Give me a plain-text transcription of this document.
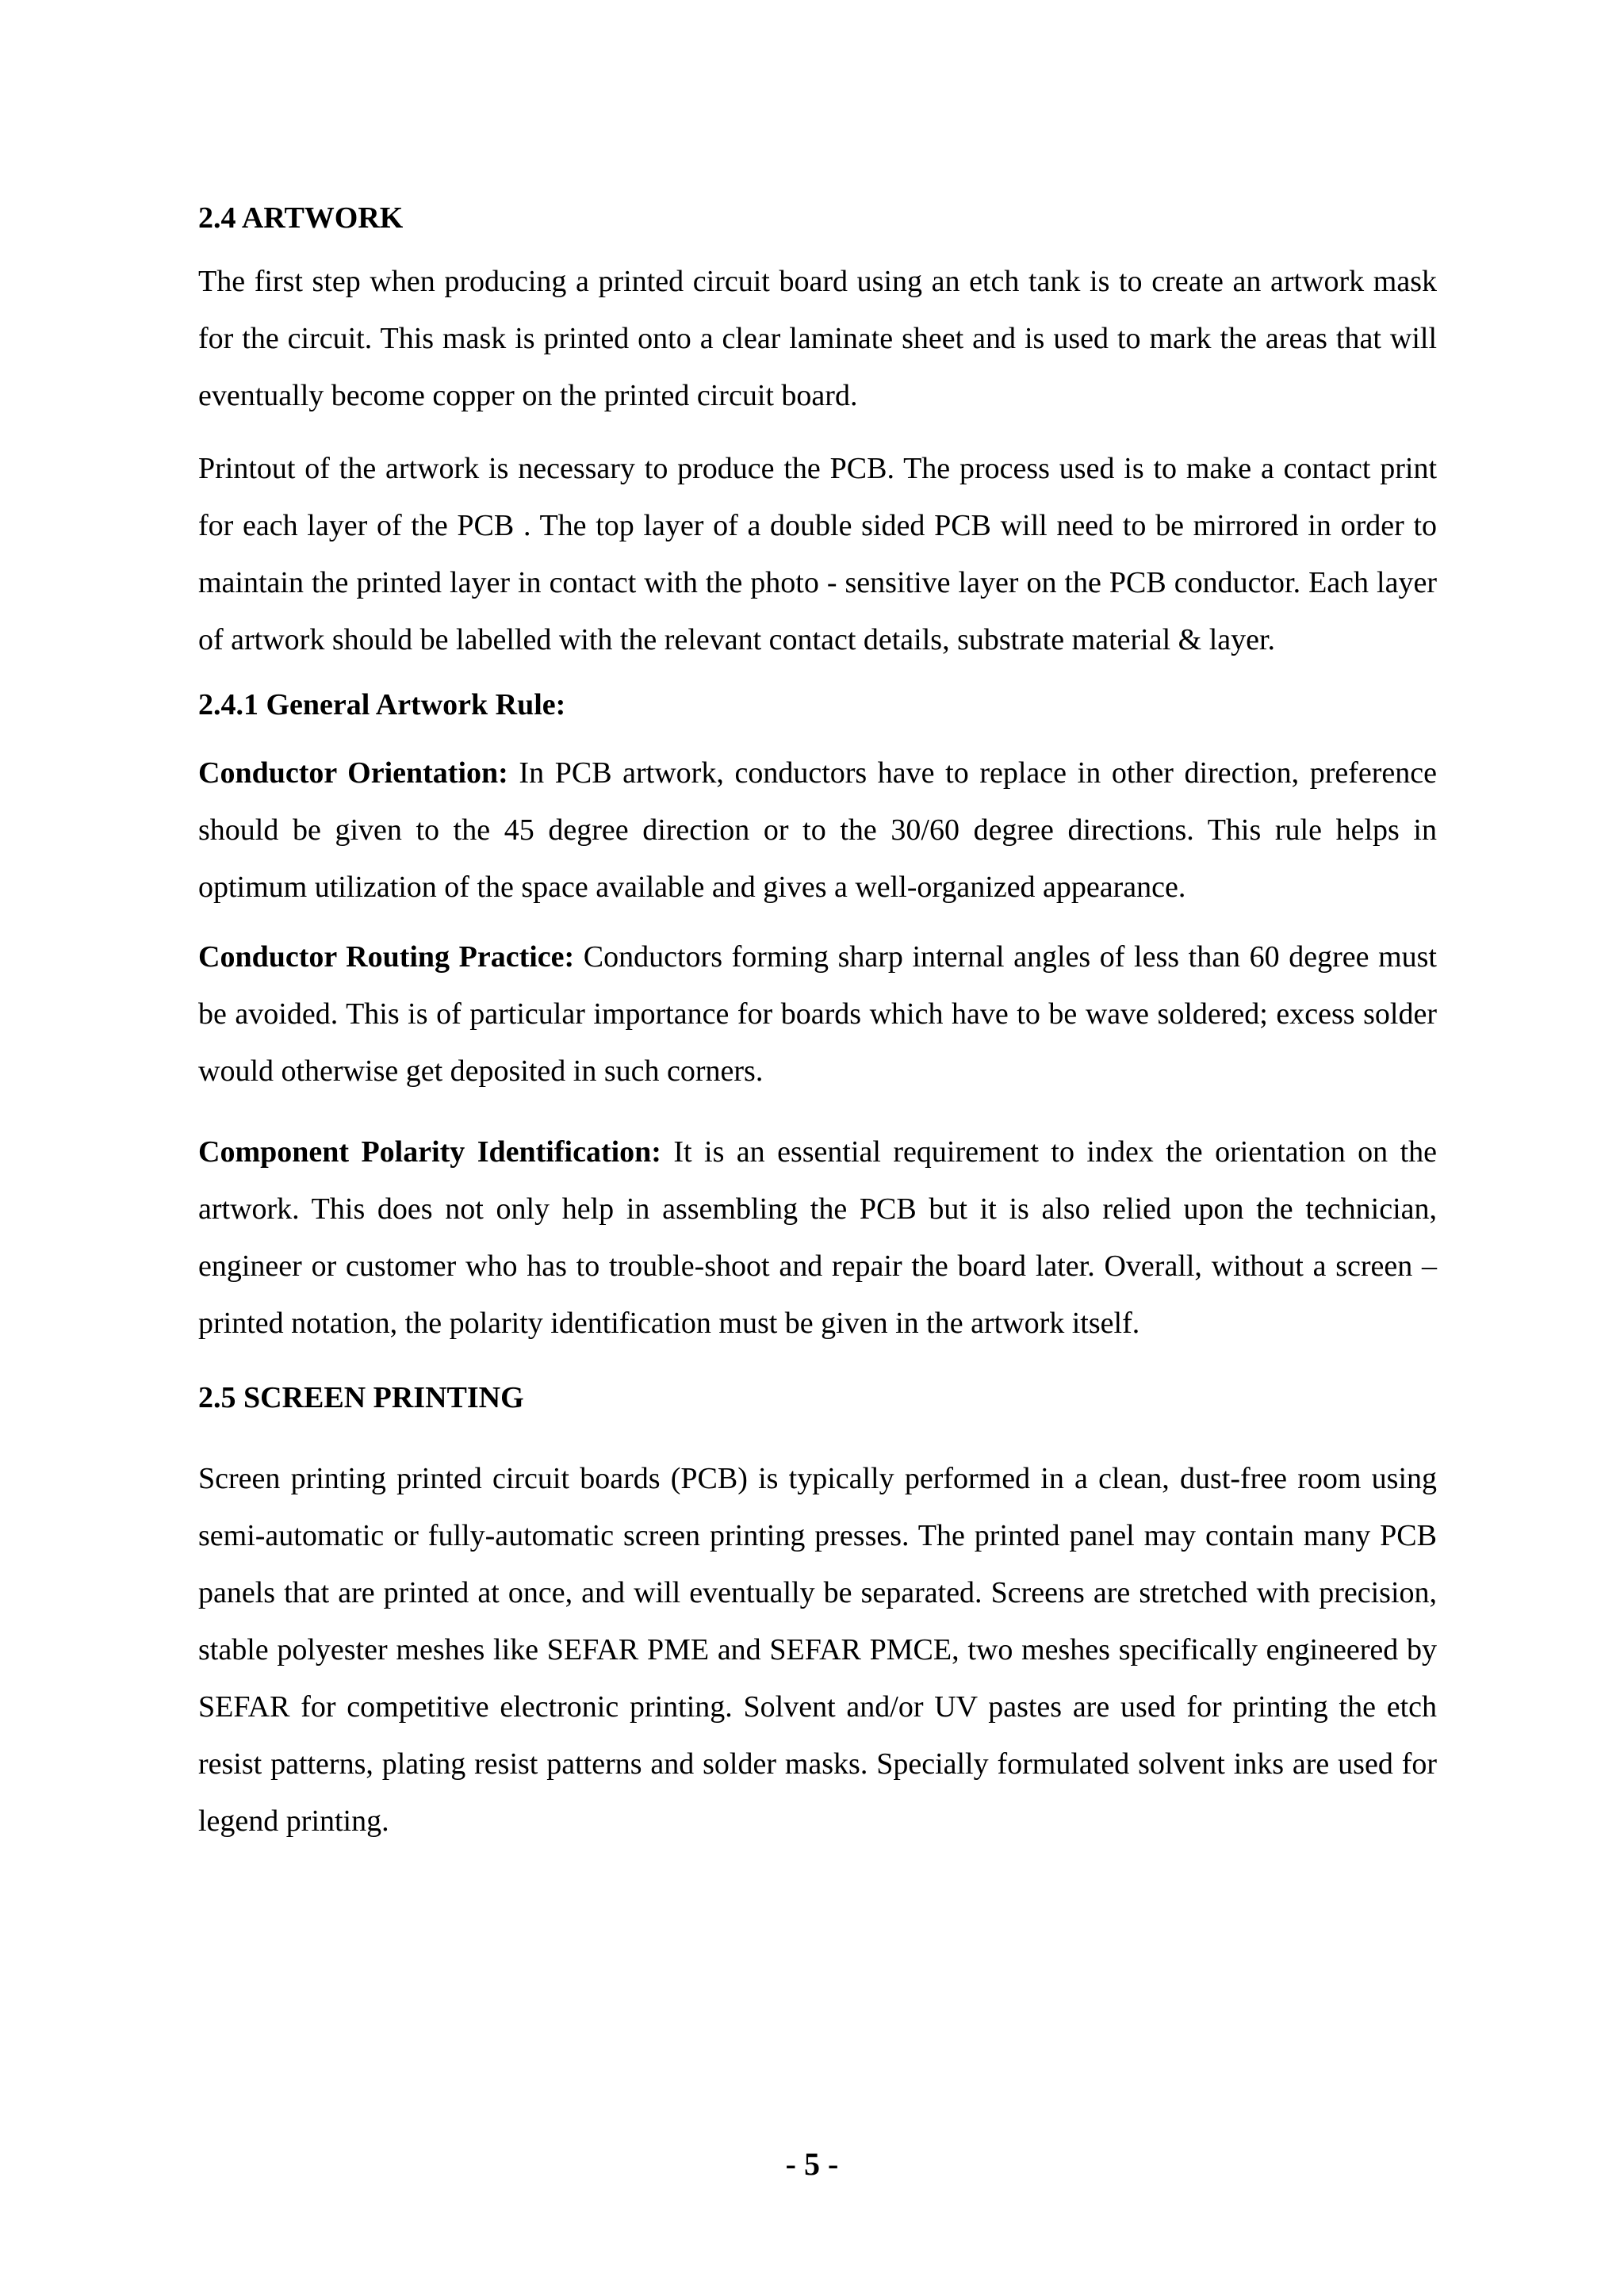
2.4 ARTWORK

The first step when producing a printed circuit board using an etch tank is to create an artwork mask for the circuit. This mask is printed onto a clear laminate sheet and is used to mark the areas that will eventually become copper on the printed circuit board.

Printout of the artwork is necessary to produce the PCB. The process used is to make a contact print for each layer of the PCB . The top layer of a double sided PCB will need to be mirrored in order to maintain the printed layer in contact with the photo - sensitive layer on the PCB conductor. Each layer of artwork should be labelled with the relevant contact details, substrate material & layer.

2.4.1 General Artwork Rule:

Conductor Orientation: In PCB artwork, conductors have to replace in other direction, preference should be given to the 45 degree direction or to the 30/60 degree directions. This rule helps in optimum utilization of the space available and gives a well-organized appearance.

Conductor Routing Practice: Conductors forming sharp internal angles of less than 60 degree must be avoided. This is of particular importance for boards which have to be wave soldered; excess solder would otherwise get deposited in such corners.

Component Polarity Identification: It is an essential requirement to index the orientation on the artwork. This does not only help in assembling the PCB but it is also relied upon the technician, engineer or customer who has to trouble-shoot and repair the board later. Overall, without a screen –printed notation, the polarity identification must be given in the artwork itself.

2.5 SCREEN PRINTING

Screen printing printed circuit boards (PCB) is typically performed in a clean, dust-free room using semi-automatic or fully-automatic screen printing presses. The printed panel may contain many PCB panels that are printed at once, and will eventually be separated. Screens are stretched with precision, stable polyester meshes like SEFAR PME and SEFAR PMCE, two meshes specifically engineered by SEFAR for competitive electronic printing. Solvent and/or UV pastes are used for printing the etch resist patterns, plating resist patterns and solder masks. Specially formulated solvent inks are used for legend printing.

- 5 -
